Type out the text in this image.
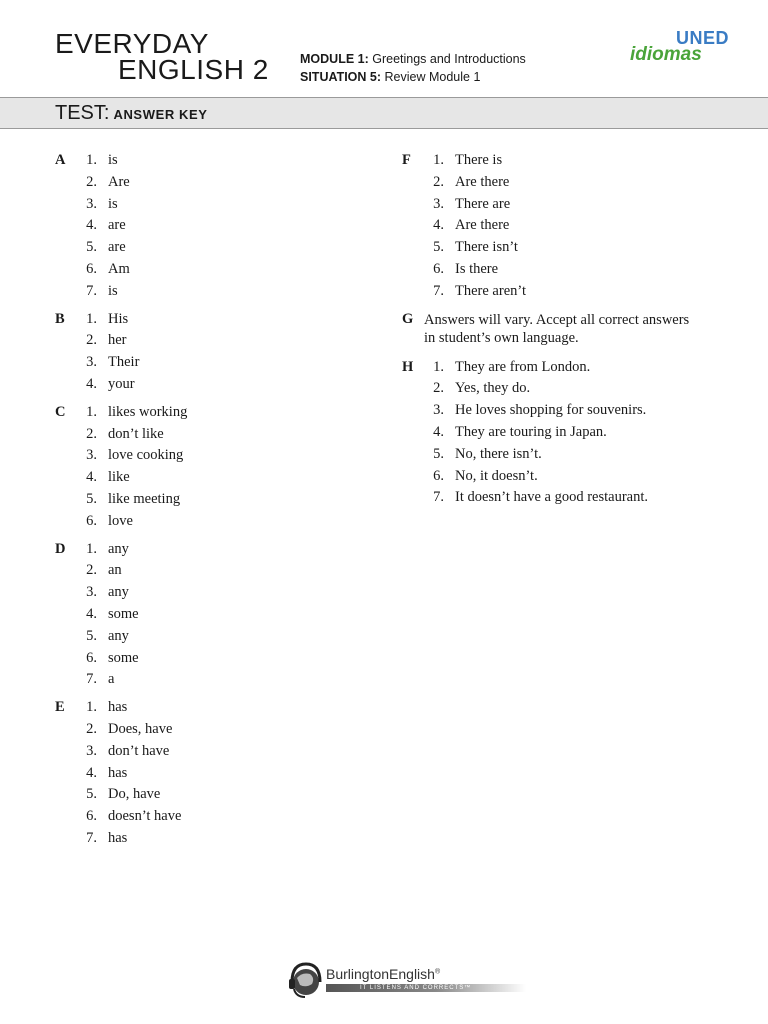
EVERYDAY
ENGLISH 2 MODULE 1: Greetings and Introductions
SITUATION 5: Review Module 1
UNED
idiomas
TEST: ANSWER KEY
A	1. is
2. Are
3. is
4. are
5. are
6. Am
7. is
B	1. His
2. her
3. Their
4. your
C	1. likes working
2. don’t like
3. love cooking
4. like
5. like meeting
6. love
D	1. any
2. an
3. any
4. some
5. any
6. some
7. a
E	1. has
2. Does, have
3. don’t have
4. has
5. Do, have
6. doesn’t have
7. has
F	1. There is
2. Are there
3. There are
4. Are there
5. There isn’t
6. Is there
7. There aren’t
G Answers will vary. Accept all correct answers
in student’s own language.
H	1. They are from London.
2. Yes, they do.
3. He loves shopping for souvenirs.
4. They are touring in Japan.
5. No, there isn’t.
6. No, it doesn’t.
7. It doesn’t have a good restaurant.
BurlingtonEnglish®
IT LISTENS AND CORRECTS™
